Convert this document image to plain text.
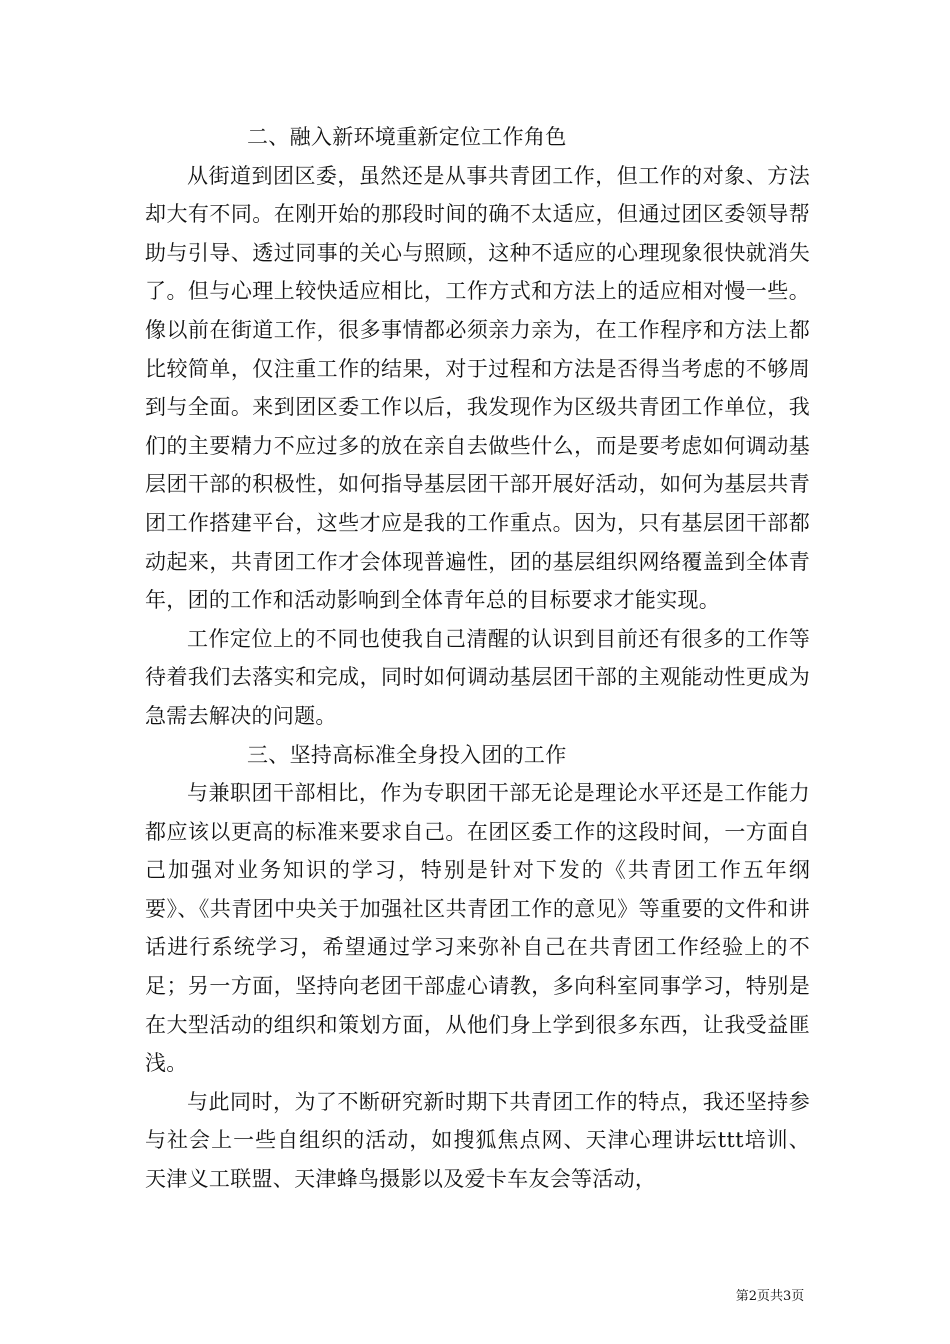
二、融入新环境重新定位工作角色

从街道到团区委，虽然还是从事共青团工作，但工作的对象、方法却大有不同。在刚开始的那段时间的确不太适应，但通过团区委领导帮助与引导、透过同事的关心与照顾，这种不适应的心理现象很快就消失了。但与心理上较快适应相比，工作方式和方法上的适应相对慢一些。像以前在街道工作，很多事情都必须亲力亲为，在工作程序和方法上都比较简单，仅注重工作的结果，对于过程和方法是否得当考虑的不够周到与全面。来到团区委工作以后，我发现作为区级共青团工作单位，我们的主要精力不应过多的放在亲自去做些什么，而是要考虑如何调动基层团干部的积极性，如何指导基层团干部开展好活动，如何为基层共青团工作搭建平台，这些才应是我的工作重点。因为，只有基层团干部都动起来，共青团工作才会体现普遍性，团的基层组织网络覆盖到全体青年，团的工作和活动影响到全体青年总的目标要求才能实现。

工作定位上的不同也使我自己清醒的认识到目前还有很多的工作等待着我们去落实和完成，同时如何调动基层团干部的主观能动性更成为急需去解决的问题。

三、坚持高标准全身投入团的工作

与兼职团干部相比，作为专职团干部无论是理论水平还是工作能力都应该以更高的标准来要求自己。在团区委工作的这段时间，一方面自己加强对业务知识的学习，特别是针对下发的《共青团工作五年纲要》、《共青团中央关于加强社区共青团工作的意见》等重要的文件和讲话进行系统学习，希望通过学习来弥补自己在共青团工作经验上的不足；另一方面，坚持向老团干部虚心请教，多向科室同事学习，特别是在大型活动的组织和策划方面，从他们身上学到很多东西，让我受益匪浅。

与此同时，为了不断研究新时期下共青团工作的特点，我还坚持参与社会上一些自组织的活动，如搜狐焦点网、天津心理讲坛ttt培训、天津义工联盟、天津蜂鸟摄影以及爱卡车友会等活动，

第2页共3页
